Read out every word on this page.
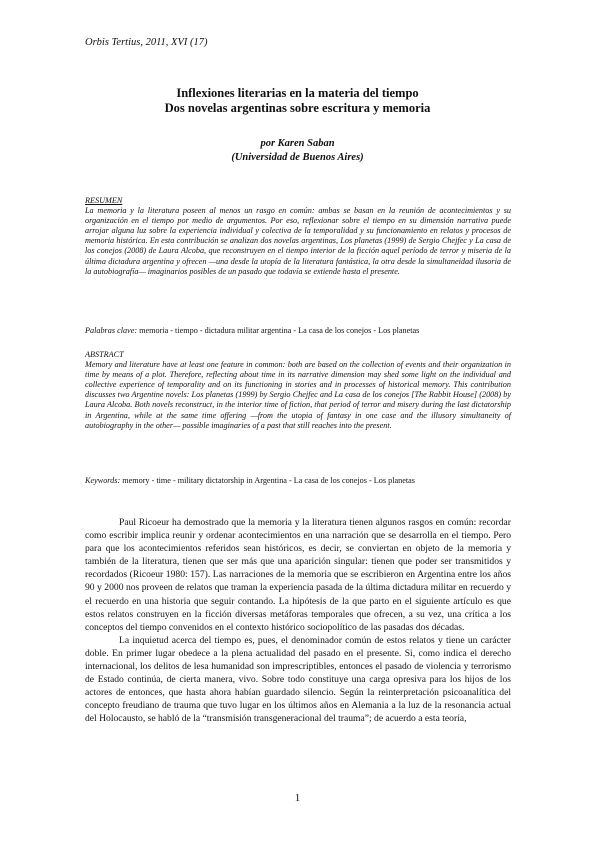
Orbis Tertius, 2011, XVI (17)
Inflexiones literarias en la materia del tiempo
Dos novelas argentinas sobre escritura y memoria
por Karen Saban
(Universidad de Buenos Aires)
RESUMEN
La memoria y la literatura poseen al menos un rasgo en común: ambas se basan en la reunión de acontecimientos y su organización en el tiempo por medio de argumentos. Por eso, reflexionar sobre el tiempo en su dimensión narrativa puede arrojar alguna luz sobre la experiencia individual y colectiva de la temporalidad y su funcionamiento en relatos y procesos de memoria histórica. En esta contribución se analizan dos novelas argentinas, Los planetas (1999) de Sergio Chejfec y La casa de los conejos (2008) de Laura Alcoba, que reconstruyen en el tiempo interior de la ficción aquel período de terror y miseria de la última dictadura argentina y ofrecen —una desde la utopía de la literatura fantástica, la otra desde la simultaneidad ilusoria de la autobiografía— imaginarios posibles de un pasado que todavía se extiende hasta el presente.
Palabras clave: memoria - tiempo - dictadura militar argentina - La casa de los conejos - Los planetas
ABSTRACT
Memory and literature have at least one feature in common: both are based on the collection of events and their organization in time by means of a plot. Therefore, reflecting about time in its narrative dimension may shed some light on the individual and collective experience of temporality and on its functioning in stories and in processes of historical memory. This contribution discusses two Argentine novels: Los planetas (1999) by Sergio Chejfec and La casa de los conejos [The Rabbit House] (2008) by Laura Alcoba. Both novels reconstruct, in the interior time of fiction, that period of terror and misery during the last dictatorship in Argentina, while at the same time offering —from the utopia of fantasy in one case and the illusory simultaneity of autobiography in the other— possible imaginaries of a past that still reaches into the present.
Keywords: memory - time - military dictatorship in Argentina - La casa de los conejos - Los planetas

Paul Ricoeur ha demostrado que la memoria y la literatura tienen algunos rasgos en común: recordar como escribir implica reunir y ordenar acontecimientos en una narración que se desarrolla en el tiempo. Pero para que los acontecimientos referidos sean históricos, es decir, se conviertan en objeto de la memoria y también de la literatura, tienen que ser más que una aparición singular: tienen que poder ser transmitidos y recordados (Ricoeur 1980: 157). Las narraciones de la memoria que se escribieron en Argentina entre los años 90 y 2000 nos proveen de relatos que traman la experiencia pasada de la última dictadura militar en recuerdo y el recuerdo en una historia que seguir contando. La hipótesis de la que parto en el siguiente artículo es que estos relatos construyen en la ficción diversas metáforas temporales que ofrecen, a su vez, una crítica a los conceptos del tiempo convenidos en el contexto histórico sociopolítico de las pasadas dos décadas.

La inquietud acerca del tiempo es, pues, el denominador común de estos relatos y tiene un carácter doble. En primer lugar obedece a la plena actualidad del pasado en el presente. Si, como indica el derecho internacional, los delitos de lesa humanidad son imprescriptibles, entonces el pasado de violencia y terrorismo de Estado continúa, de cierta manera, vivo. Sobre todo constituye una carga opresiva para los hijos de los actores de entonces, que hasta ahora habían guardado silencio. Según la reinterpretación psicoanalítica del concepto freudiano de trauma que tuvo lugar en los últimos años en Alemania a la luz de la resonancia actual del Holocausto, se habló de la “transmisión transgeneracional del trauma”; de acuerdo a esta teoría,

1
